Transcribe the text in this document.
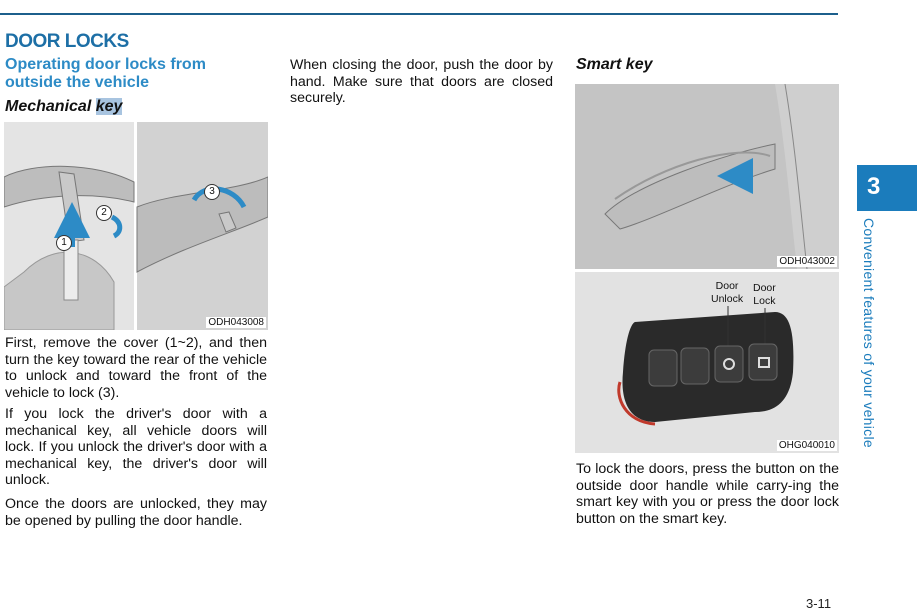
DOOR LOCKS
Operating door locks from outside the vehicle
Mechanical key
1
2
3
ODH043008
First, remove the cover (1~2), and then turn the key toward the rear of the vehicle to unlock and toward the front of the vehicle to lock (3).
If you lock the driver's door with a mechanical key, all vehicle doors will lock. If you unlock the driver's door with a mechanical key, the driver's door will unlock.
Once the doors are unlocked, they may be opened by pulling the door handle.
When closing the door, push the door by hand. Make sure that doors are closed securely.
Smart key
ODH043002
Door
Unlock
Door
Lock
OHG040010
To lock the doors, press the button on the outside door handle while carry-ing the smart key with you or press the door lock button on the smart key.
3
Convenient features of your vehicle
3-11
